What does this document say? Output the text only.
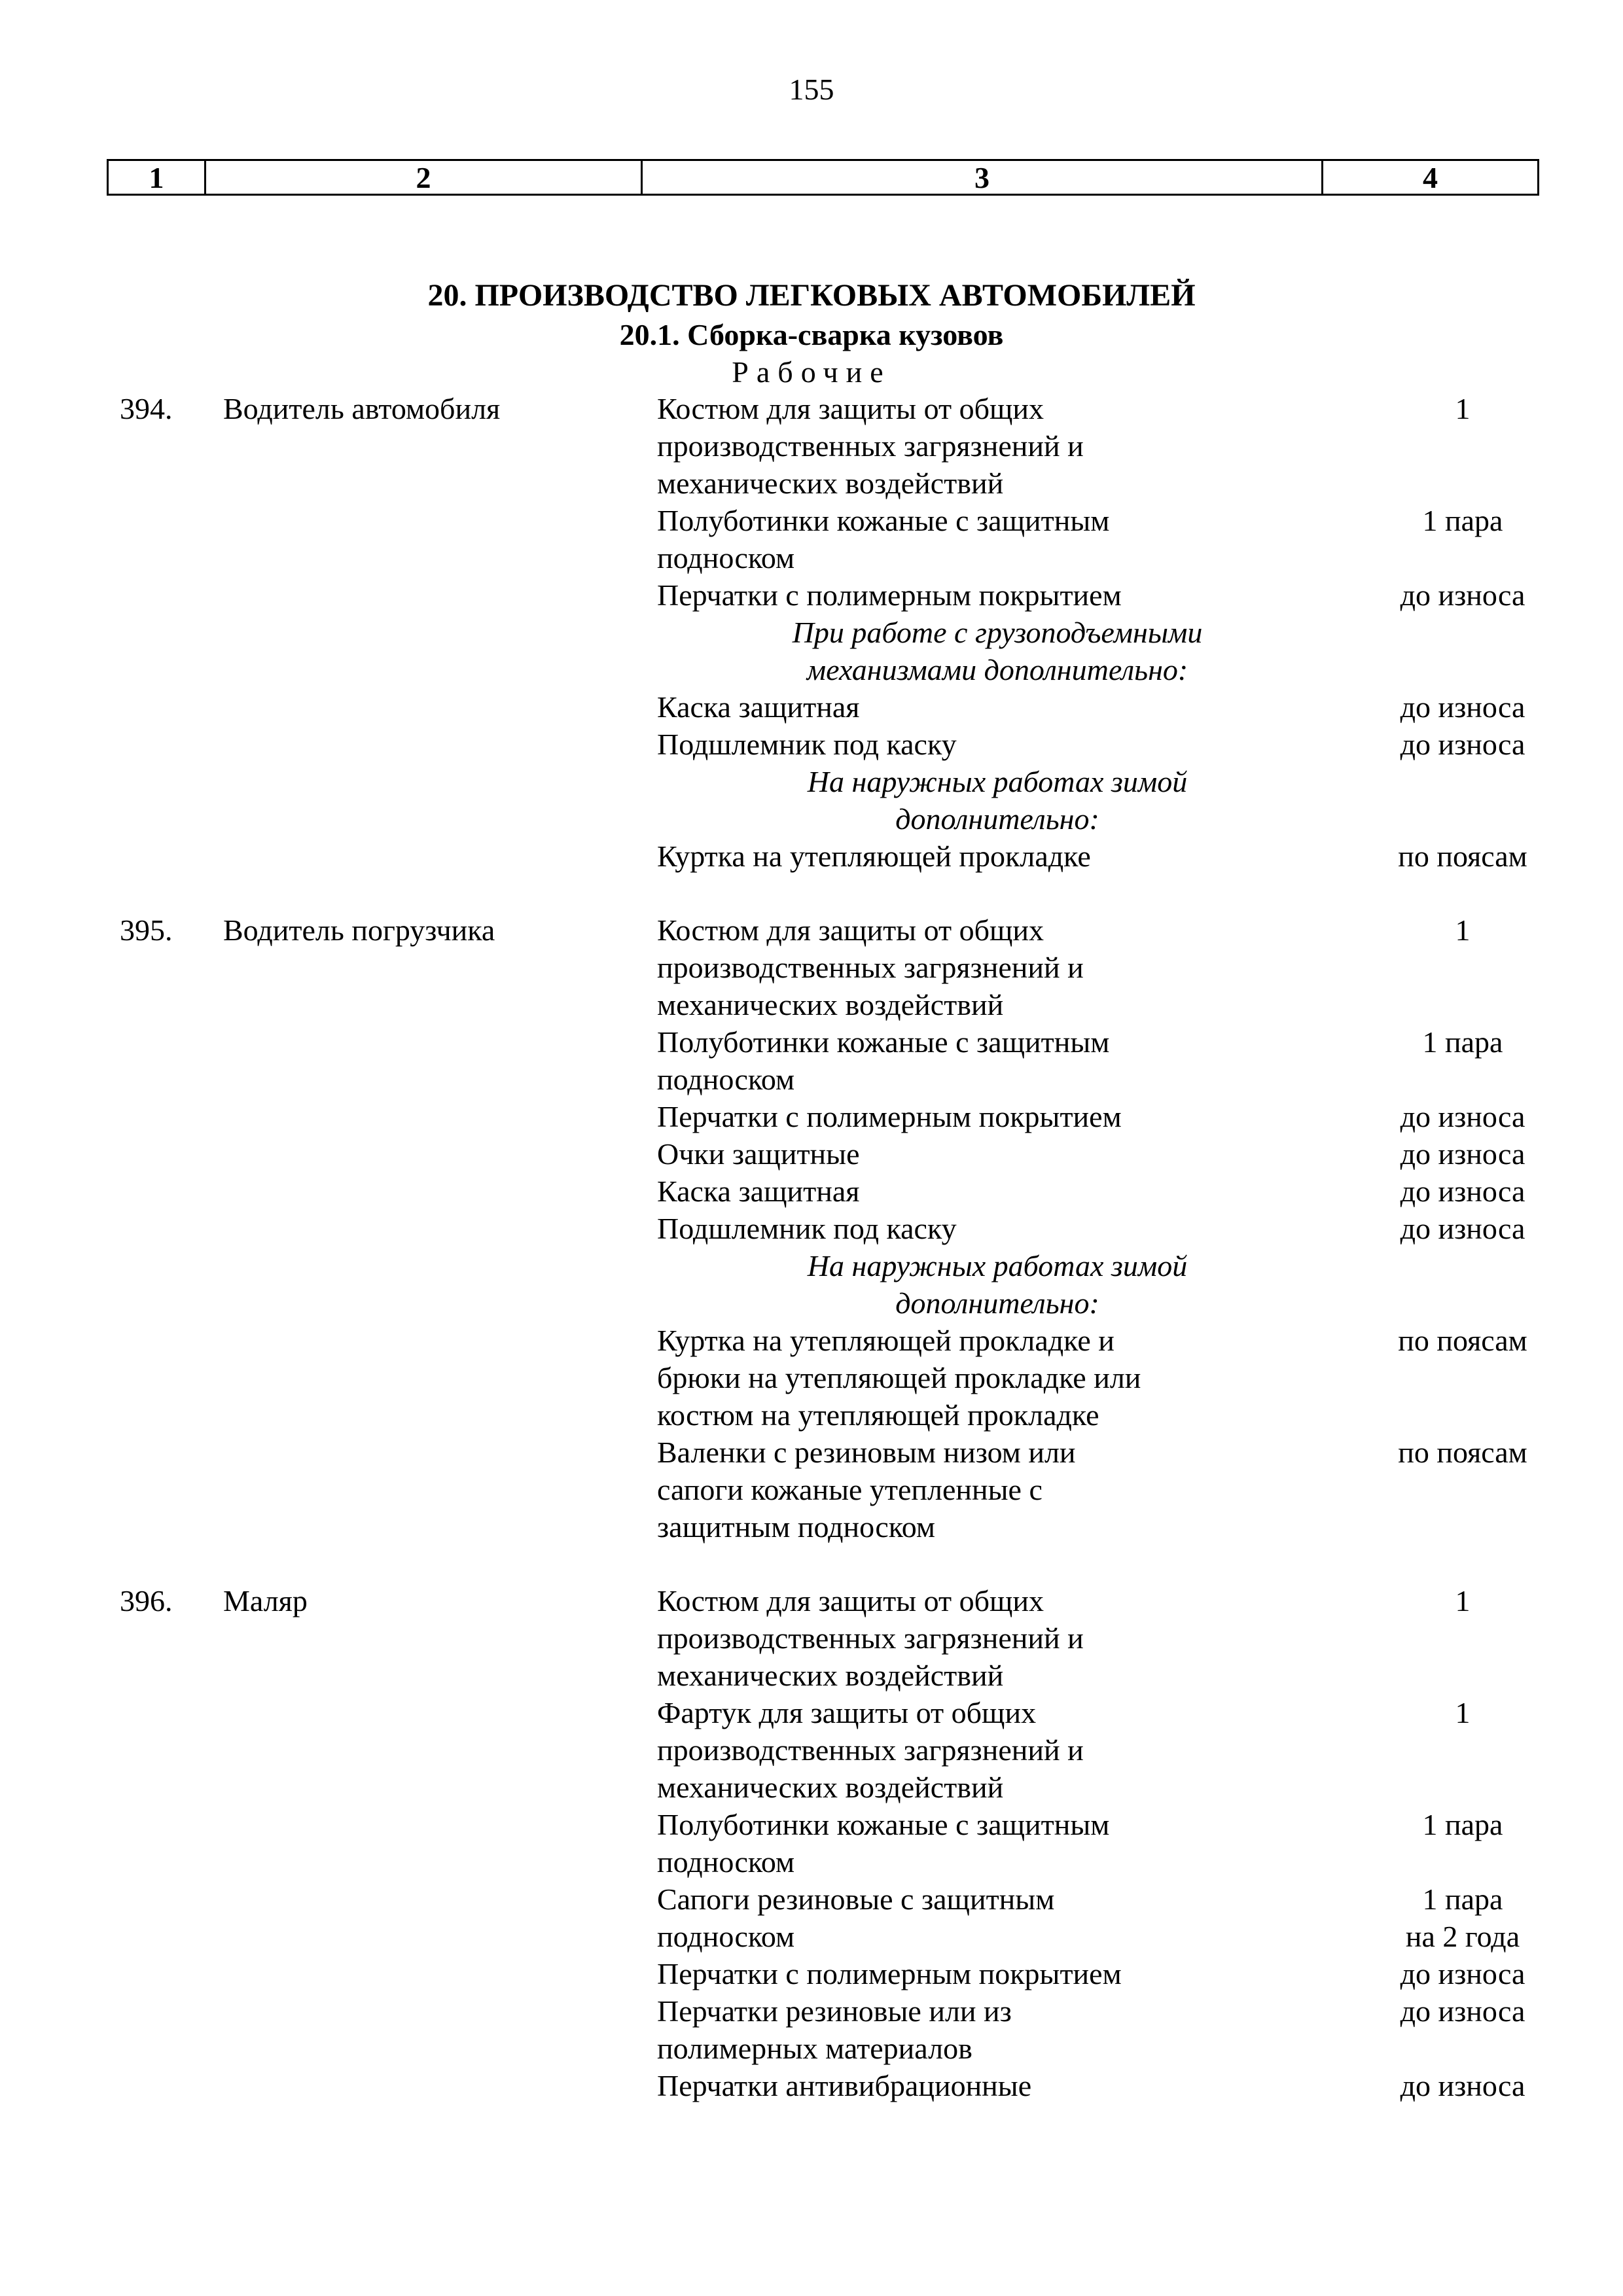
155
1	2	3	4
20. ПРОИЗВОДСТВО ЛЕГКОВЫХ АВТОМОБИЛЕЙ
20.1. Сборка-сварка кузовов
Рабочие
394. Водитель автомобиля	Костюм для защиты от общих	1
производственных загрязнений и
механических воздействий
Полуботинки кожаные с защитным	1 пара
подноском
Перчатки с полимерным покрытием	до износа
При работе с грузоподъемными
механизмами дополнительно:
Каска защитная	до износа
Подшлемник под каску	до износа
На наружных работах зимой
дополнительно:
Куртка на утепляющей прокладке	по поясам
395. Водитель погрузчика	Костюм для защиты от общих	1
производственных загрязнений и
механических воздействий
Полуботинки кожаные с защитным	1 пара
подноском
Перчатки с полимерным покрытием	до износа
Очки защитные	до износа
Каска защитная	до износа
Подшлемник под каску	до износа
На наружных работах зимой
дополнительно:
Куртка на утепляющей прокладке и	по поясам
брюки на утепляющей прокладке или
костюм на утепляющей прокладке
Валенки с резиновым низом или	по поясам
сапоги кожаные утепленные с
защитным подноском
396. Маляр	Костюм для защиты от общих	1
производственных загрязнений и
механических воздействий
Фартук для защиты от общих	1
производственных загрязнений и
механических воздействий
Полуботинки кожаные с защитным	1 пара
подноском
Сапоги резиновые с защитным	1 пара
подноском	на 2 года
Перчатки с полимерным покрытием	до износа
Перчатки резиновые или из	до износа
полимерных материалов
Перчатки антивибрационные	до износа
